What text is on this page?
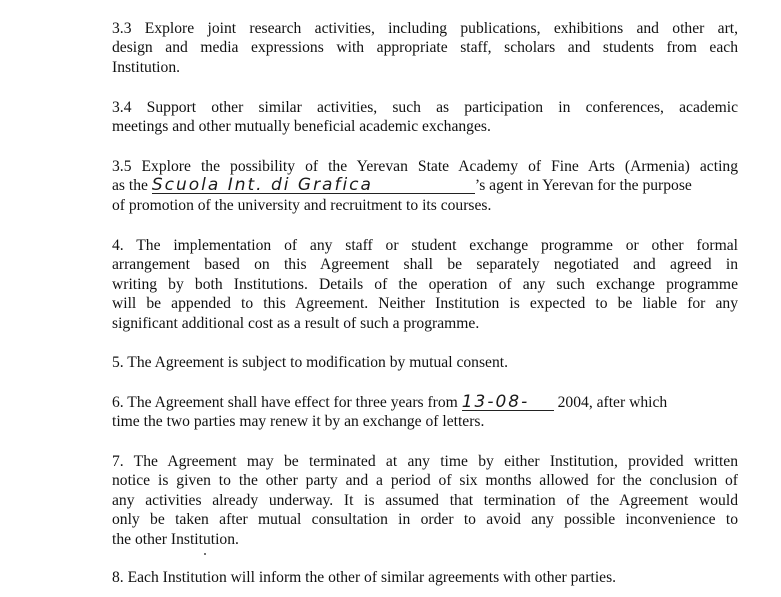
3.3 Explore joint research activities, including publications, exhibitions and other art,
design and media expressions with appropriate staff, scholars and students from each
Institution.

3.4 Support other similar activities, such as participation in conferences, academic
meetings and other mutually beneficial academic exchanges.

3.5 Explore the possibility of the Yerevan State Academy of Fine Arts (Armenia) acting
as the Scuola Int. di Grafica	’s agent in Yerevan for the purpose
of promotion of the university and recruitment to its courses.

4. The implementation of any staff or student exchange programme or other formal
arrangement based on this Agreement shall be separately negotiated and agreed in
writing by both Institutions. Details of the operation of any such exchange programme
will be appended to this Agreement. Neither Institution is expected to be liable for any
significant additional cost as a result of such a programme.

5. The Agreement is subject to modification by mutual consent.

6. The Agreement shall have effect for three years from 13-08- 2004, after which
time the two parties may renew it by an exchange of letters.

7. The Agreement may be terminated at any time by either Institution, provided written
notice is given to the other party and a period of six months allowed for the conclusion of
any activities already underway. It is assumed that termination of the Agreement would
only be taken after mutual consultation in order to avoid any possible inconvenience to
the other Institution.

8. Each Institution will inform the other of similar agreements with other parties.
